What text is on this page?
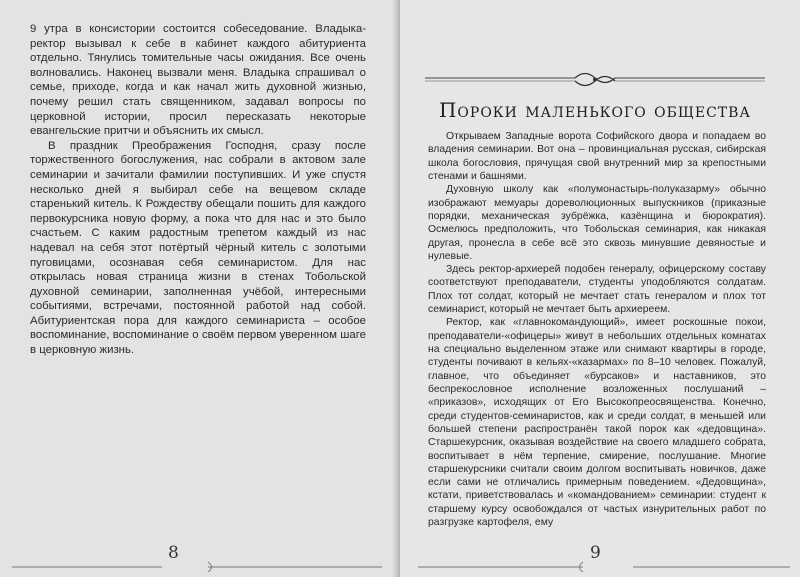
9 утра в консистории состоится собеседование. Владыка-ректор вызывал к себе в кабинет каждого абитуриента отдельно. Тянулись томительные часы ожидания. Все очень волновались. Наконец вызвали меня. Владыка спрашивал о семье, приходе, когда и как начал жить духовной жизнью, почему решил стать священником, задавал вопросы по церковной истории, просил пересказать некоторые евангельские притчи и объяснить их смысл.

В праздник Преображения Господня, сразу после торжественного богослужения, нас собрали в актовом зале семинарии и зачитали фамилии поступивших. И уже спустя несколько дней я выбирал себе на вещевом складе старенький китель. К Рождеству обещали пошить для каждого первокурсника новую форму, а пока что для нас и это было счастьем. С каким радостным трепетом каждый из нас надевал на себя этот потёртый чёрный китель с золотыми пуговицами, осознавая себя семинаристом. Для нас открылась новая страница жизни в стенах Тобольской духовной семинарии, заполненная учёбой, интересными событиями, встречами, постоянной работой над собой. Абитуриентская пора для каждого семинариста – особое воспоминание, воспоминание о своём первом уверенном шаге в церковную жизнь.

8
Пороки маленького общества

Открываем Западные ворота Софийского двора и попадаем во владения семинарии. Вот она – провинциальная русская, сибирская школа богословия, прячущая свой внутренний мир за крепостными стенами и башнями.

Духовную школу как «полумонастырь-полуказарму» обычно изображают мемуары дореволюционных выпускников (приказные порядки, механическая зубрёжка, казёнщина и бюрократия). Осмелюсь предположить, что Тобольская семинария, как никакая другая, пронесла в себе всё это сквозь минувшие девяностые и нулевые.

Здесь ректор-архиерей подобен генералу, офицерскому составу соответствуют преподаватели, студенты уподобляются солдатам. Плох тот солдат, который не мечтает стать генералом и плох тот семинарист, который не мечтает быть архиереем.

Ректор, как «главнокомандующий», имеет роскошные покои, преподаватели-«офицеры» живут в небольших отдельных комнатах на специально выделенном этаже или снимают квартиры в городе, студенты почивают в кельях-«казармах» по 8–10 человек. Пожалуй, главное, что объединяет «бурсаков» и наставников, это беспрекословное исполнение возложенных послушаний – «приказов», исходящих от Его Высокопреосвященства. Конечно, среди студентов-семинаристов, как и среди солдат, в меньшей или большей степени распространён такой порок как «дедовщина». Старшекурсник, оказывая воздействие на своего младшего собрата, воспитывает в нём терпение, смирение, послушание. Многие старшекурсники считали своим долгом воспитывать новичков, даже если сами не отличались примерным поведением. «Дедовщина», кстати, приветствовалась и «командованием» семинарии: студент к старшему курсу освобождался от частых изнурительных работ по разгрузке картофеля, ему

9
